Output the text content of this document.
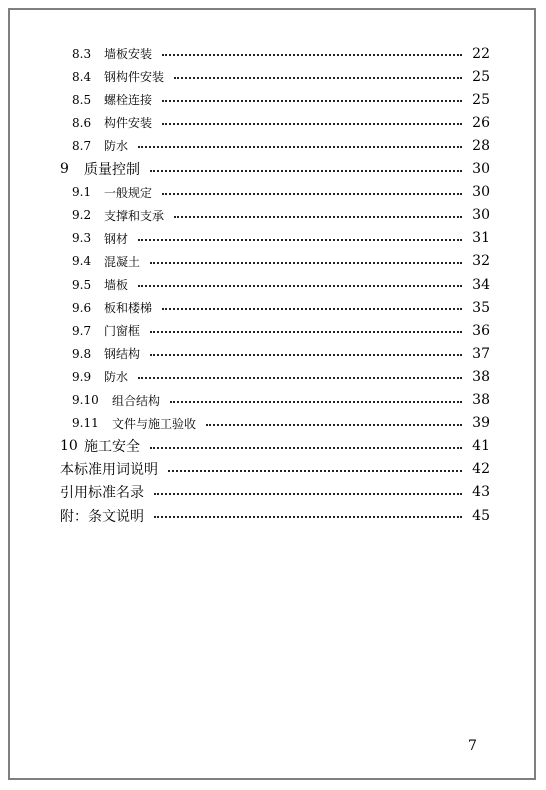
8.3	墙板安装	22
8.4	钢构件安装	25
8.5	螺栓连接	25
8.6	构件安装	26
8.7	防水	28
9	质量控制	30
9.1	一般规定	30
9.2	支撑和支承	30
9.3	钢材	31
9.4	混凝土	32
9.5	墙板	34
9.6	板和楼梯	35
9.7	门窗框	36
9.8	钢结构	37
9.9	防水	38
9.10	组合结构	38
9.11	文件与施工验收	39
10 施工安全	41
本标准用词说明	42
引用标准名录	43
附：条文说明	45
7
